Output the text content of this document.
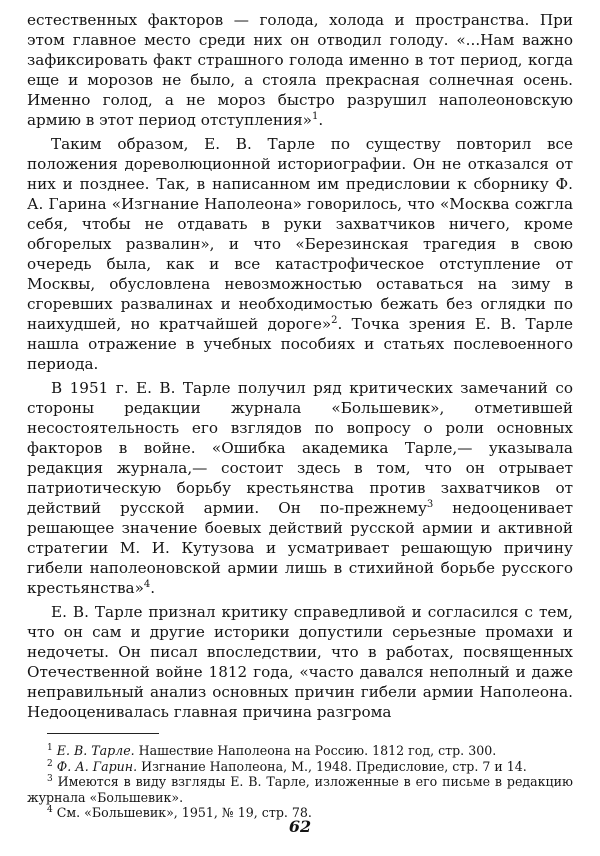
естественных факторов — голода, холода и пространства. При этом главное место среди них он отводил голоду. «...Нам важно зафиксировать факт страшного голода именно в тот период, когда еще и морозов не было, а стояла прекрасная солнечная осень. Именно голод, а не мороз быстро разрушил наполеоновскую армию в этот период отступления»$^1$.

Таким образом, Е. В. Тарле по существу повторил все положения дореволюционной историографии. Он не отказался от них и позднее. Так, в написанном им предисловии к сборнику Ф. А. Гарина «Изгнание Наполеона» говорилось, что «Москва сожгла себя, чтобы не отдавать в руки захватчиков ничего, кроме обгорелых развалин», и что «Березинская трагедия в свою очередь была, как и все катастрофическое отступление от Москвы, обусловлена невозможностью оставаться на зиму в сгоревших развалинах и необходимостью бежать без оглядки по наихудшей, но кратчайшей дороге»$^2$. Точка зрения Е. В. Тарле нашла отражение в учебных пособиях и статьях послевоенного периода.

В 1951 г. Е. В. Тарле получил ряд критических замечаний со стороны редакции журнала «Большевик», отметившей несостоятельность его взглядов по вопросу о роли основных факторов в войне. «Ошибка академика Тарле,— указывала редакция журнала,— состоит здесь в том, что он отрывает патриотическую борьбу крестьянства против захватчиков от действий русской армии. Он по-прежнему$^3$ недооценивает решающее значение боевых действий русской армии и активной стратегии М. И. Кутузова и усматривает решающую причину гибели наполеоновской армии лишь в стихийной борьбе русского крестьянства»$^4$.

Е. В. Тарле признал критику справедливой и согласился с тем, что он сам и другие историки допустили серьезные промахи и недочеты. Он писал впоследствии, что в работах, посвященных Отечественной войне 1812 года, «часто давался неполный и даже неправильный анализ основных причин гибели армии Наполеона. Недооценивалась главная причина разгрома

$^1$ Е. В. Тарле. Нашествие Наполеона на Россию. 1812 год, стр. 300.

$^2$ Ф. А. Гарин. Изгнание Наполеона, М., 1948. Предисловие, стр. 7 и 14.

$^3$ Имеются в виду взгляды Е. В. Тарле, изложенные в его письме в редакцию журнала «Большевик».

$^4$ См. «Большевик», 1951, № 19, стр. 78.

62
